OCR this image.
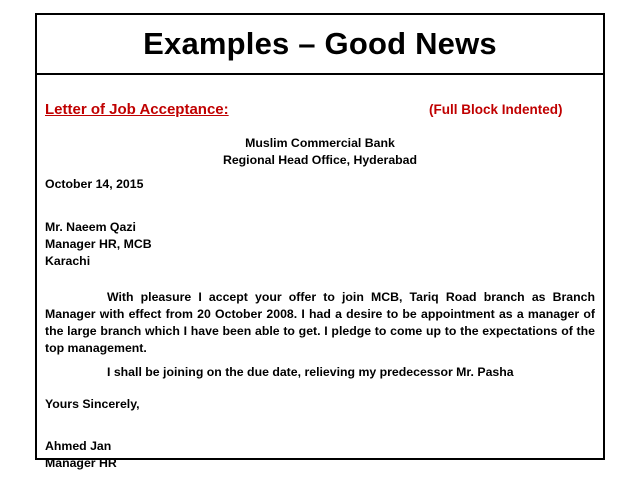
Examples – Good News
Letter of Job Acceptance:	(Full Block Indented)
Muslim Commercial Bank
Regional Head Office, Hyderabad
October 14, 2015
Mr. Naeem Qazi
Manager HR, MCB
Karachi
With pleasure I accept your offer to join MCB, Tariq Road branch as Branch Manager with effect from 20 October 2008. I had a desire to be appointment as a manager of the large branch which I have been able to get. I pledge to come up to the expectations of the top management.
I shall be joining on the due date, relieving my predecessor Mr. Pasha
Yours Sincerely,
Ahmed Jan
Manager HR
